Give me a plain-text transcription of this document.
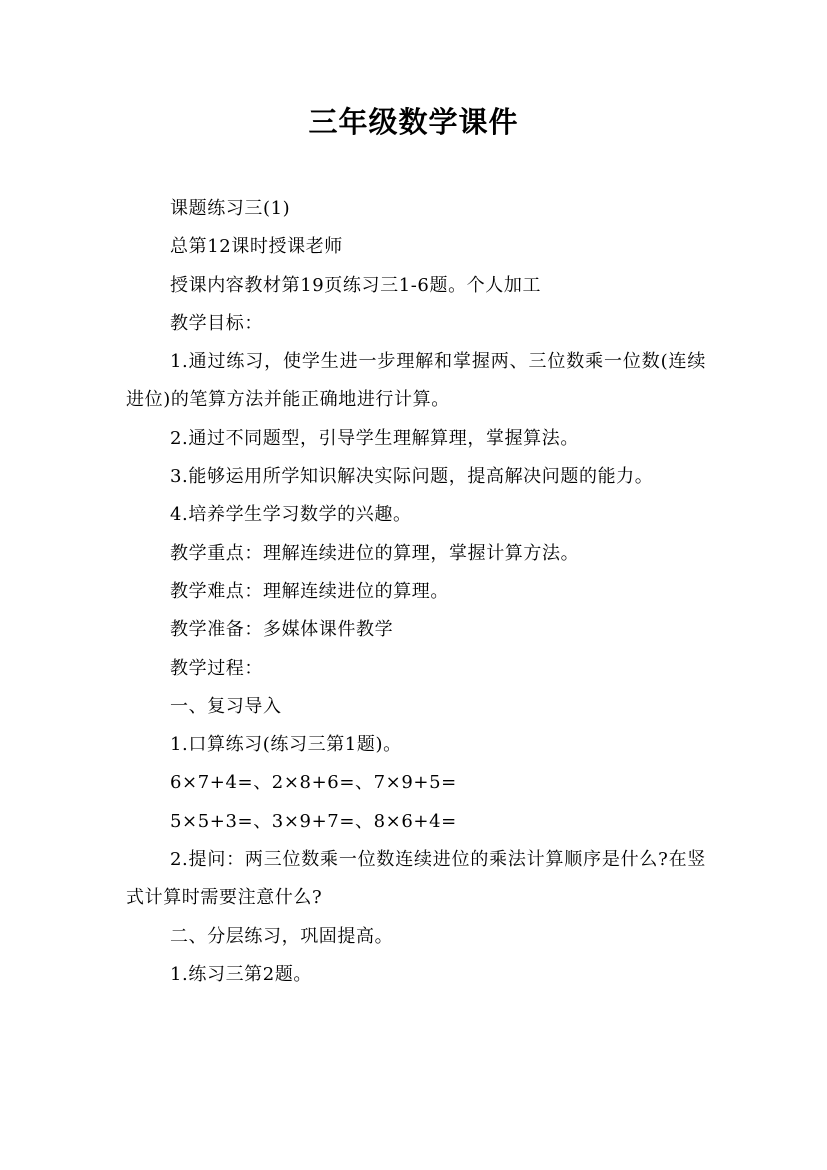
三年级数学课件

课题练习三(1)

总第12课时授课老师

授课内容教材第19页练习三1-6题。个人加工

教学目标：

1.通过练习，使学生进一步理解和掌握两、三位数乘一位数(连续进位)的笔算方法并能正确地进行计算。

2.通过不同题型，引导学生理解算理，掌握算法。

3.能够运用所学知识解决实际问题，提高解决问题的能力。

4.培养学生学习数学的兴趣。

教学重点：理解连续进位的算理，掌握计算方法。

教学难点：理解连续进位的算理。

教学准备：多媒体课件教学

教学过程：

一、复习导入

1.口算练习(练习三第1题)。

6×7+4=、2×8+6=、7×9+5=

5×5+3=、3×9+7=、8×6+4=

2.提问：两三位数乘一位数连续进位的乘法计算顺序是什么?在竖式计算时需要注意什么?

二、分层练习，巩固提高。

1.练习三第2题。
